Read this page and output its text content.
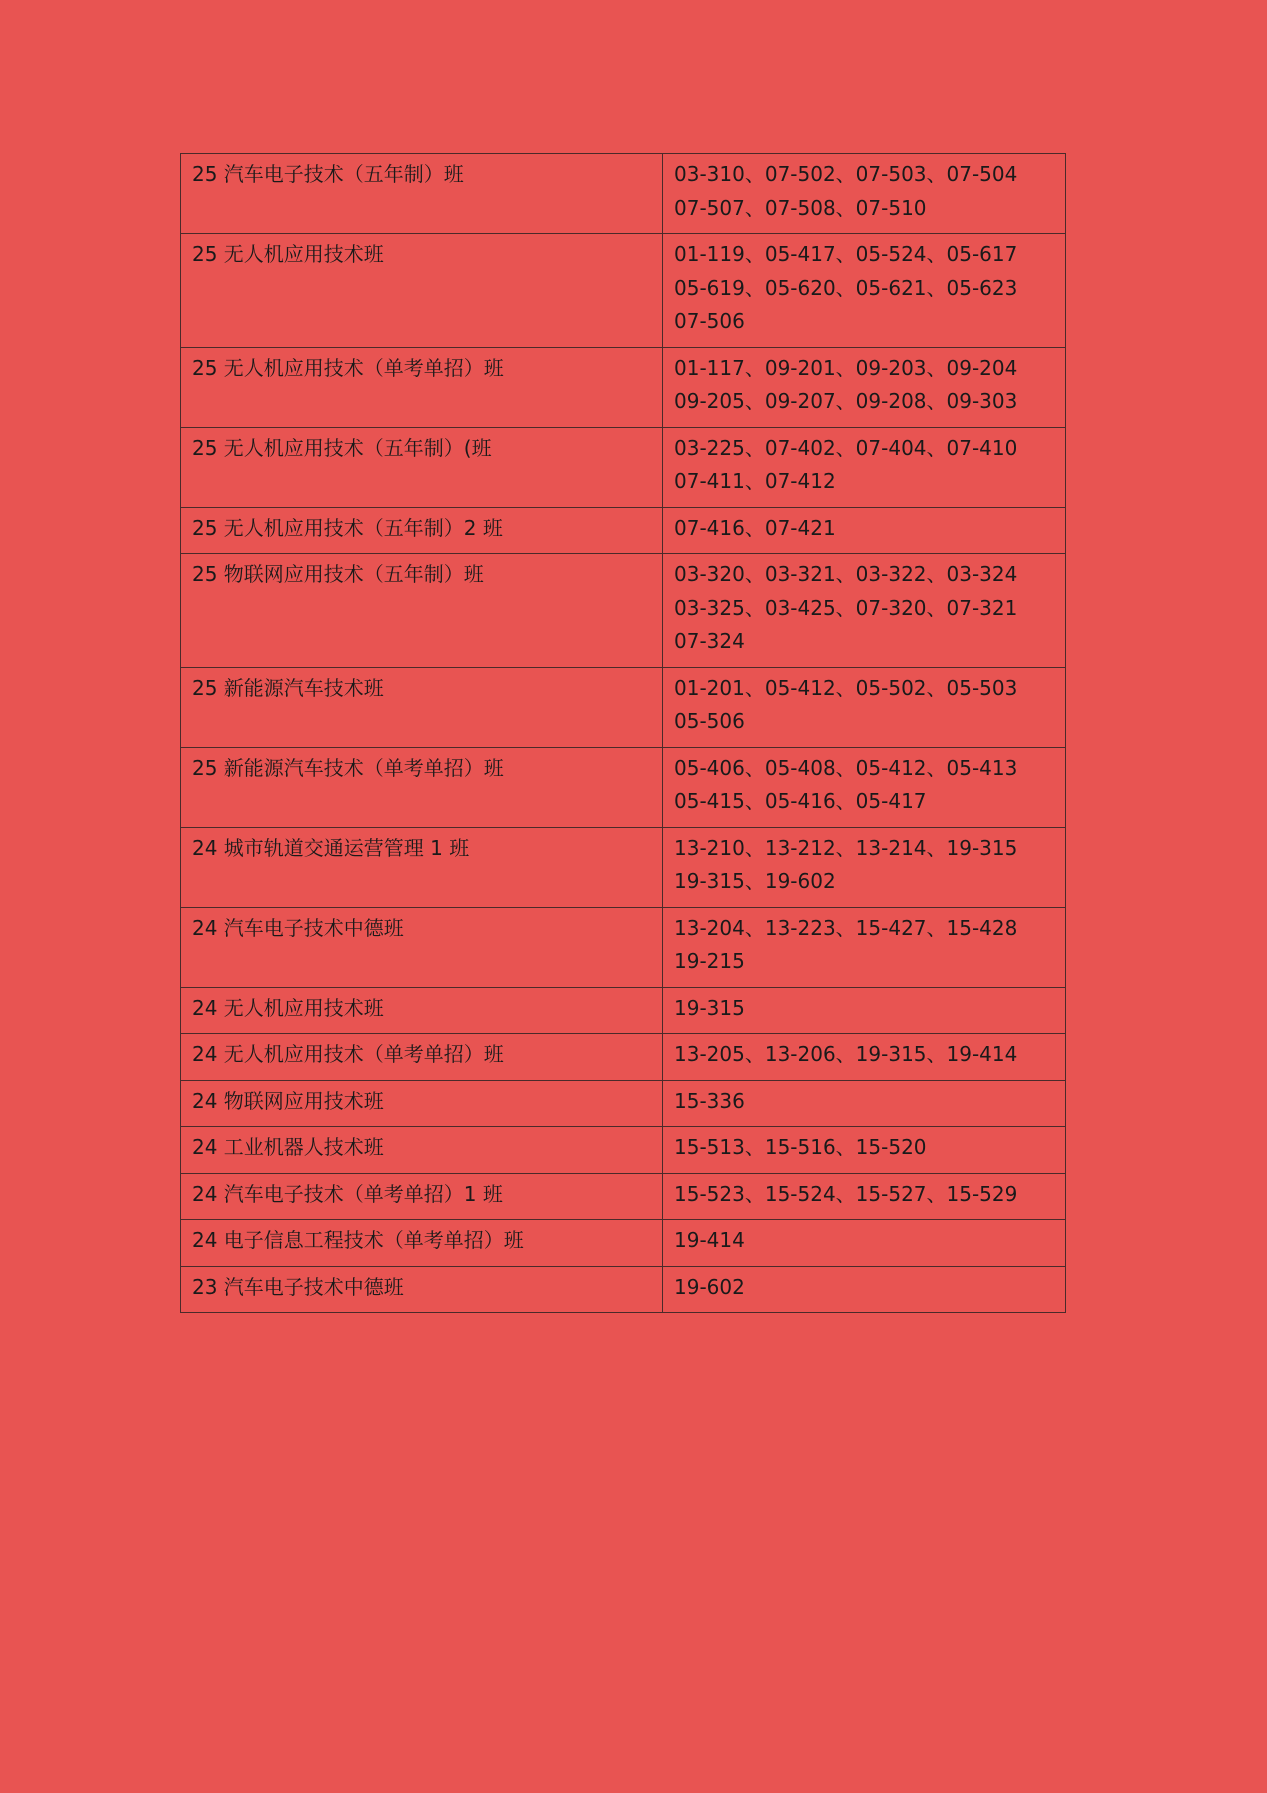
25 汽车电子技术（五年制）班	03-310、07-502、07-503、07-504
07-507、07-508、07-510

25 无人机应用技术班	01-119、05-417、05-524、05-617
05-619、05-620、05-621、05-623
07-506

25 无人机应用技术（单考单招）班	01-117、09-201、09-203、09-204
09-205、09-207、09-208、09-303

25 无人机应用技术（五年制）(班	03-225、07-402、07-404、07-410
07-411、07-412

25 无人机应用技术（五年制）2 班	07-416、07-421

25 物联网应用技术（五年制）班	03-320、03-321、03-322、03-324
03-325、03-425、07-320、07-321
07-324

25 新能源汽车技术班	01-201、05-412、05-502、05-503
05-506

25 新能源汽车技术（单考单招）班	05-406、05-408、05-412、05-413
05-415、05-416、05-417

24 城市轨道交通运营管理 1 班	13-210、13-212、13-214、19-315
19-315、19-602

24 汽车电子技术中德班	13-204、13-223、15-427、15-428
19-215

24 无人机应用技术班	19-315

24 无人机应用技术（单考单招）班	13-205、13-206、19-315、19-414

24 物联网应用技术班	15-336

24 工业机器人技术班	15-513、15-516、15-520

24 汽车电子技术（单考单招）1 班	15-523、15-524、15-527、15-529

24 电子信息工程技术（单考单招）班	19-414

23 汽车电子技术中德班	19-602
